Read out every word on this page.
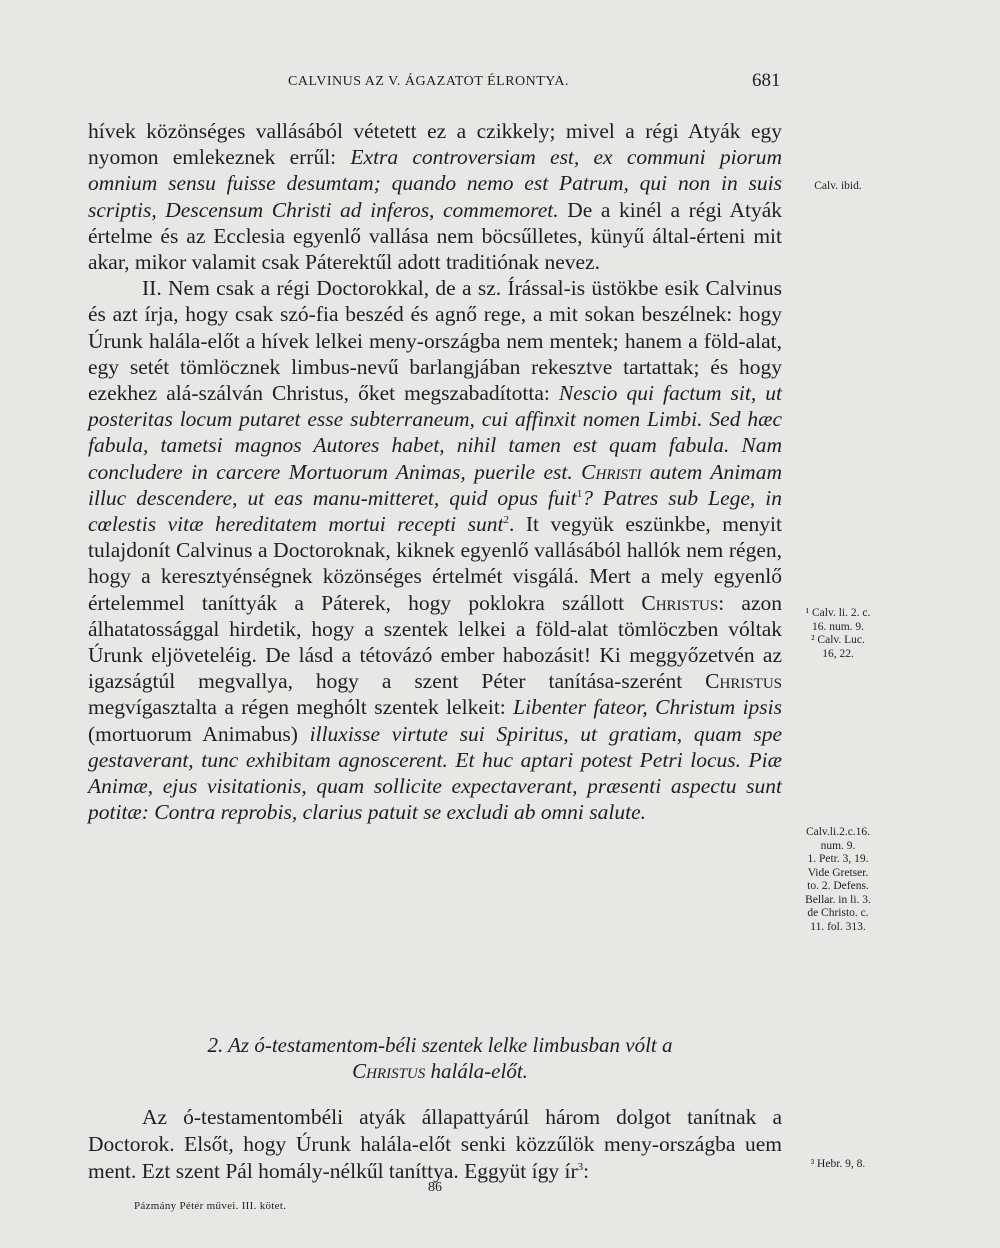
CALVINUS AZ V. ÁGAZATOT ÉLRONTYA.	681

hívek közönséges vallásából vétetett ez a czikkely; mivel a régi Atyák egy nyomon emlekeznek errűl: Extra controversiam est, ex communi piorum omnium sensu fuisse desumtam; quando nemo est Patrum, qui non in suis scriptis, Descensum Christi ad inferos, commemoret. De a kinél a régi Atyák értelme és az Ecclesia egyenlő vallása nem böcsűlletes, künyű által-érteni mit akar, mikor valamit csak Páterektűl adott traditiónak nevez.

II. Nem csak a régi Doctorokkal, de a sz. Írással-is üstökbe esik Calvinus és azt írja, hogy csak szó-fia beszéd és agnő rege, a mit sokan beszélnek: hogy Úrunk halála-előt a hívek lelkei meny-országba nem mentek; hanem a föld-alat, egy setét tömlöcznek limbus-nevű barlangjában rekesztve tartattak; és hogy ezekhez alá-szálván Christus, őket megszabadította: Nescio qui factum sit, ut posteritas locum putaret esse subterraneum, cui affinxit nomen Limbi. Sed hæc fabula, tametsi magnos Autores habet, nihil tamen est quam fabula. Nam concludere in carcere Mortuorum Animas, puerile est. Christi autem Animam illuc descendere, ut eas manu-mitteret, quid opus fuit$^1$? Patres sub Lege, in cœlestis vitæ hereditatem mortui recepti sunt$^2$. It vegyük eszünkbe, menyit tulajdonít Calvinus a Doctoroknak, kiknek egyenlő vallásából hallók nem régen, hogy a keresztyénségnek közönséges értelmét visgálá. Mert a mely egyenlő értelemmel taníttyák a Páterek, hogy poklokra szállott Christus: azon álhatatossággal hirdetik, hogy a szentek lelkei a föld-alat tömlöczben vóltak Úrunk eljöveteléig. De lásd a tétovázó ember habozásit! Ki meggyőzetvén az igazságtúl megvallya, hogy a szent Péter tanítása-szerént Christus megvígasztalta a régen meghólt szentek lelkeit: Libenter fateor, Christum ipsis (mortuorum Animabus) illuxisse virtute sui Spiritus, ut gratiam, quam spe gestaverant, tunc exhibitam agnoscerent. Et huc aptari potest Petri locus. Piæ Animæ, ejus visitationis, quam sollicite expectaverant, præsenti aspectu sunt potitæ: Contra reprobis, clarius patuit se excludi ab omni salute.

Calv. ibid.
¹ Calv. li. 2. c.
16. num. 9.
² Calv. Luc.
16, 22.
Calv.li.2.c.16.
num. 9.
1. Petr. 3, 19.
Vide Gretser.
to. 2. Defens.
Bellar. in li. 3.
de Christo. c.
11. fol. 313.
2. Az ó-testamentom-béli szentek lelke limbusban vólt a
Christus halála-előt.

Az ó-testamentombéli atyák állapattyárúl három dolgot tanítnak a Doctorok. Elsőt, hogy Úrunk halála-előt senki közzűlök meny-országba uem ment. Ezt szent Pál homály-nélkűl taníttya. Eggyüt így $ír^3$:	³ Hebr. 9, 8.
86
Pázmány Péter művei. III. kötet.
